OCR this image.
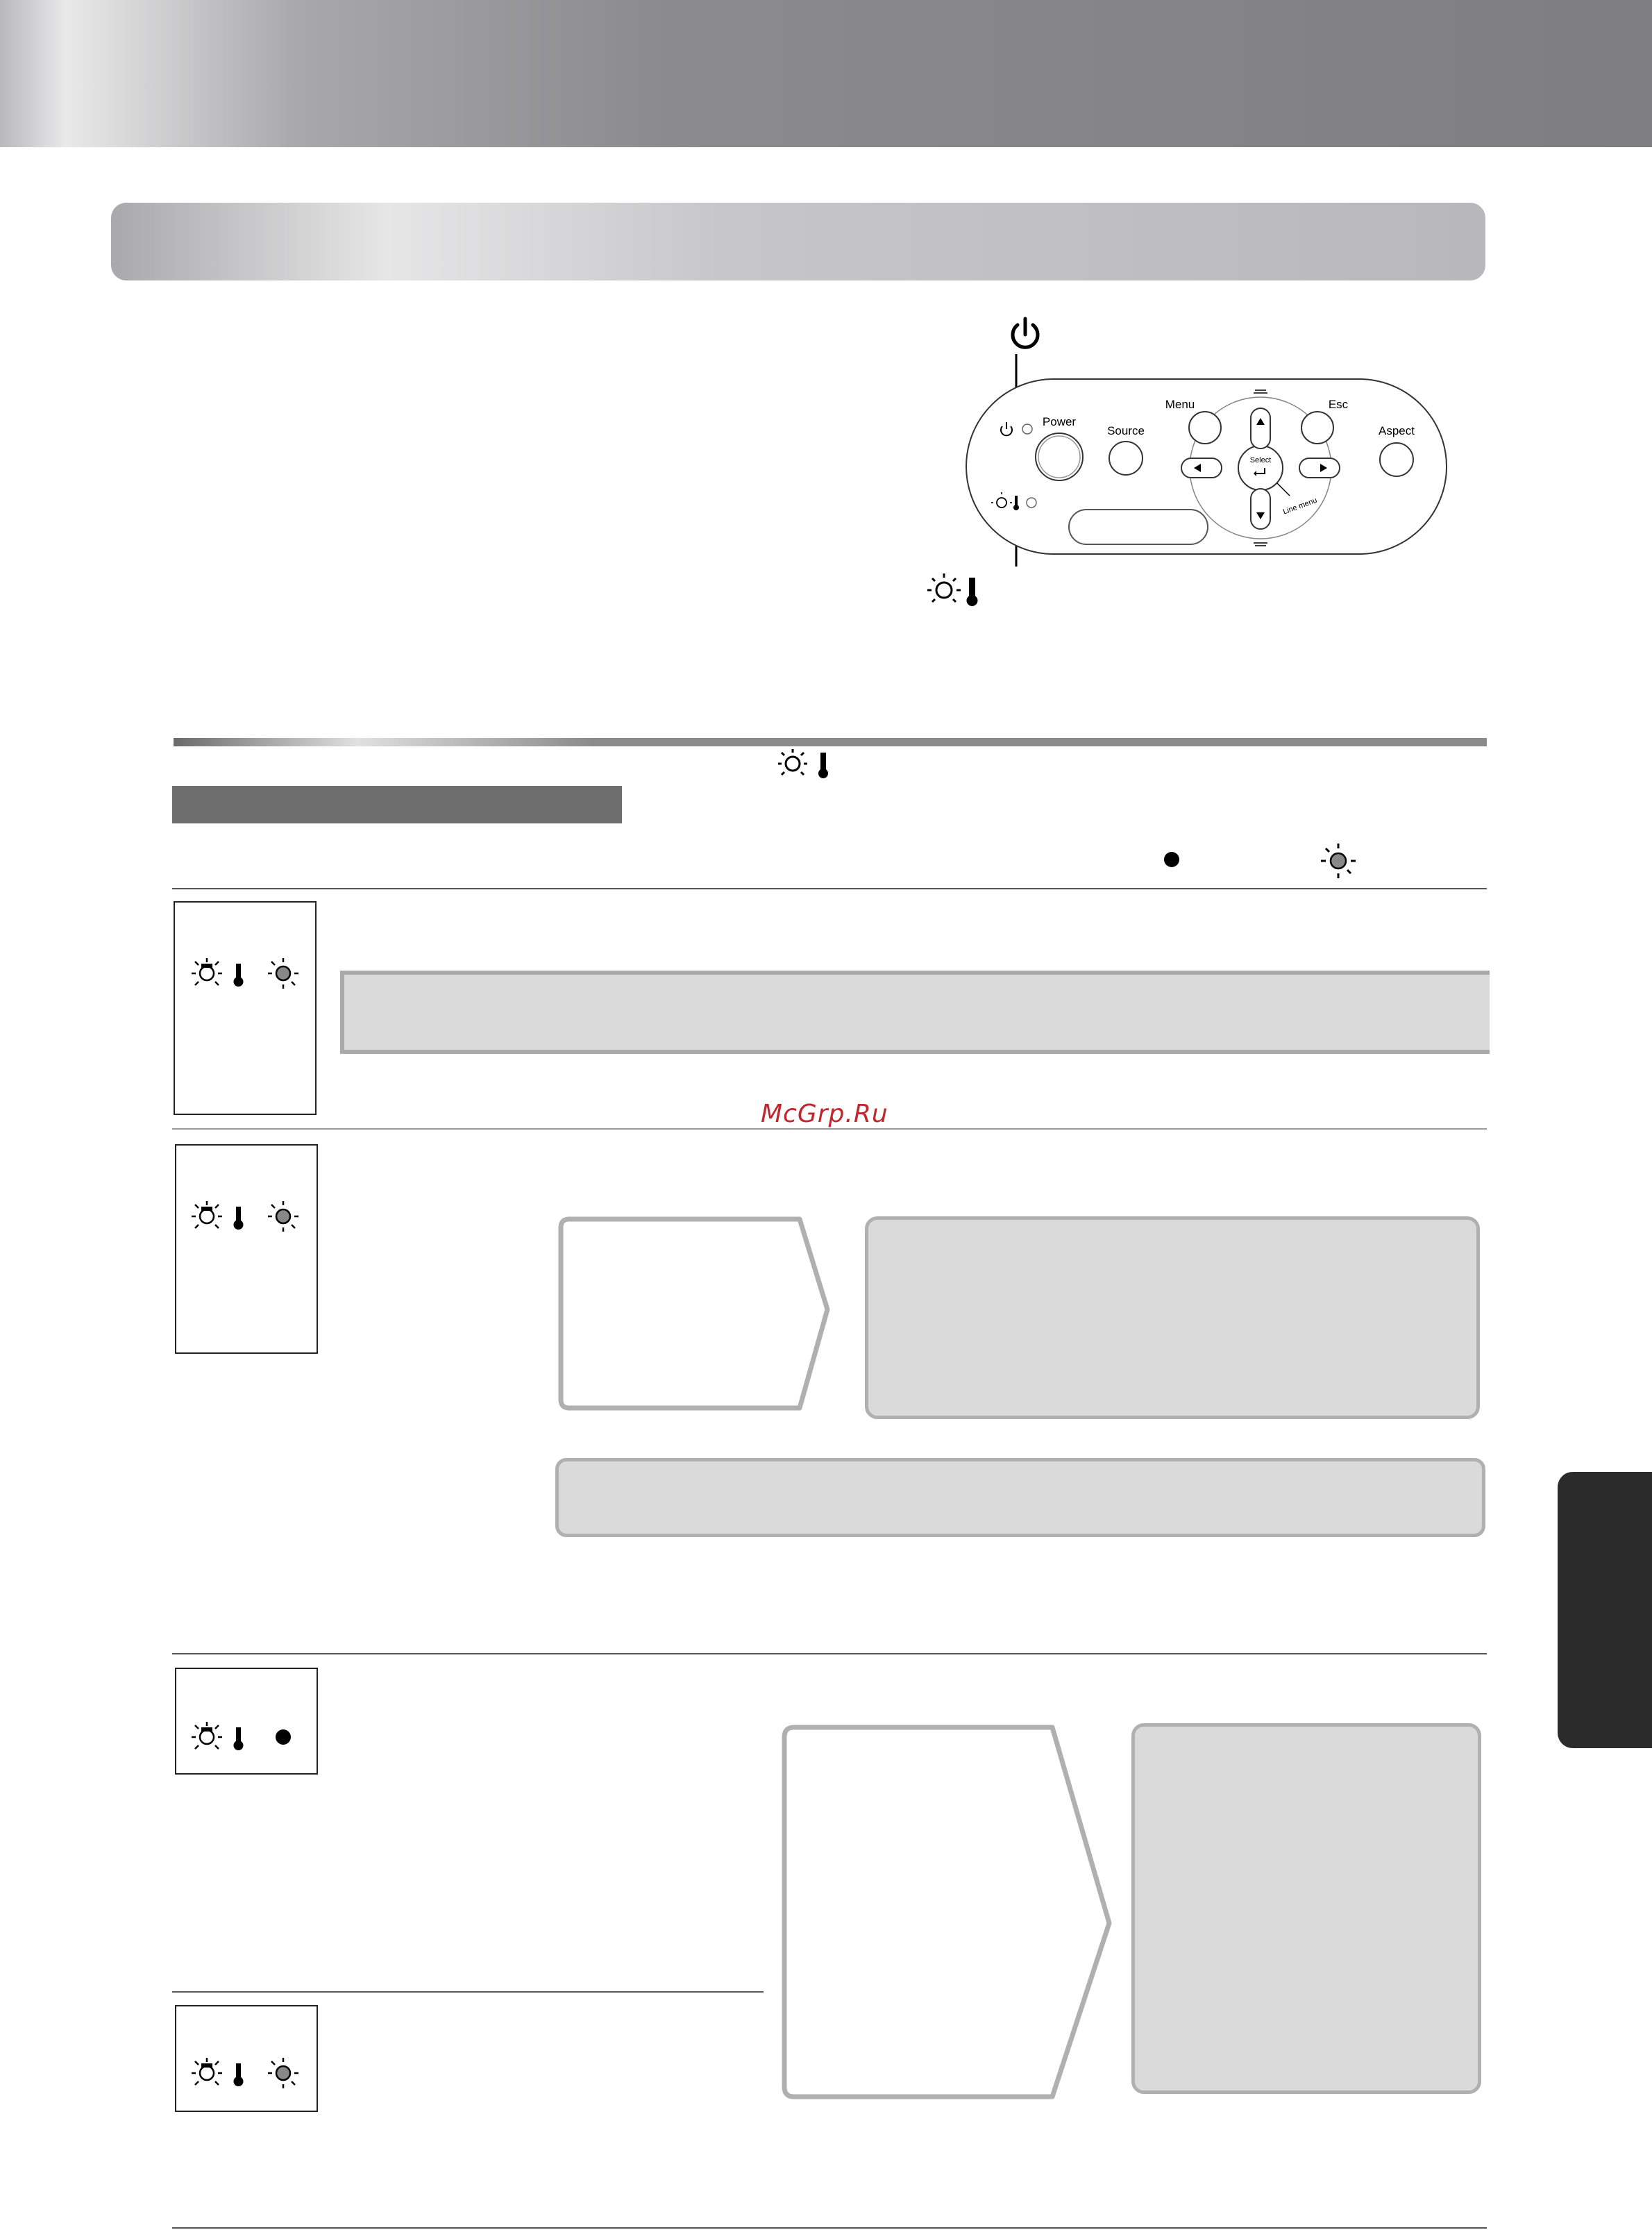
Power
Source
Select
Line menu
Menu	Esc
Aspect
McGrp.Ru
